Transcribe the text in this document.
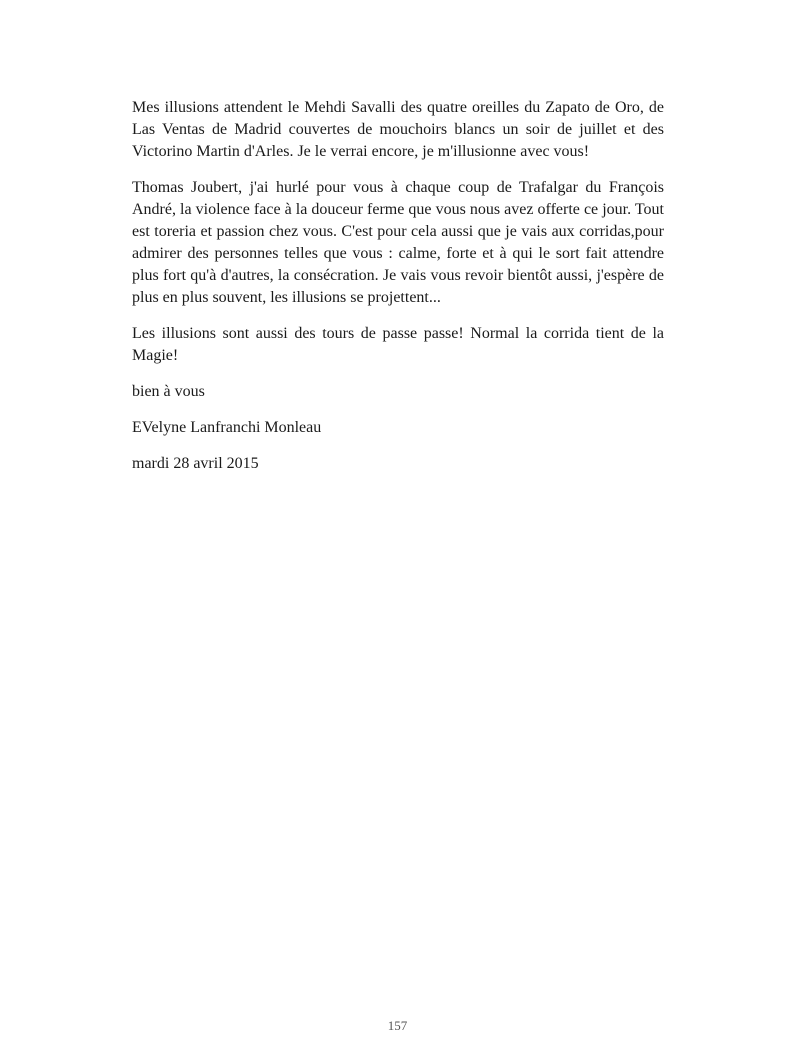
Mes illusions attendent le Mehdi Savalli des quatre oreilles du Zapato de Oro, de Las Ventas de Madrid couvertes de mouchoirs blancs un soir de juillet et des Victorino Martin d'Arles. Je le verrai encore, je m'illusionne avec vous!

Thomas Joubert, j'ai hurlé pour vous à chaque coup de Trafalgar du François André, la violence face à la douceur ferme que vous nous avez offerte ce jour. Tout est toreria et passion chez vous. C'est pour cela aussi que je vais aux corridas,pour admirer des personnes telles que vous : calme, forte et à qui le sort fait attendre plus fort qu'à d'autres, la consécration. Je vais vous revoir bientôt aussi, j'espère de plus en plus souvent, les illusions se projettent...

Les illusions sont aussi des tours de passe passe! Normal la corrida tient de la Magie!

bien à vous

EVelyne Lanfranchi Monleau

mardi 28 avril 2015

157
